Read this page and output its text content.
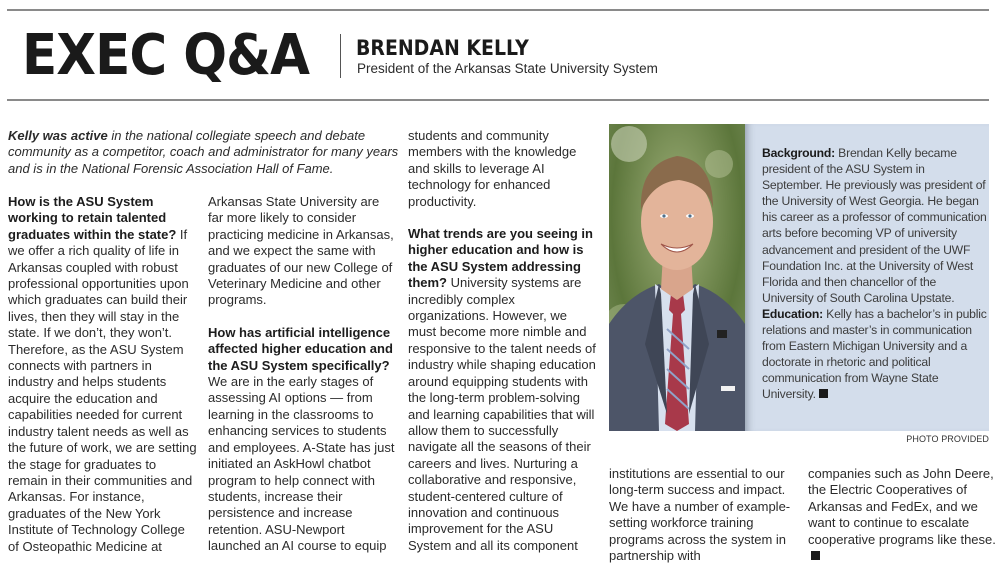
EXEC Q&A BRENDAN KELLY
President of the Arkansas State University System
Kelly was active in the national collegiate speech and debate community as a competitor, coach and administrator for many years and is in the National Forensic Association Hall of Fame.

How is the ASU System working to retain talented graduates within the state? If we offer a rich quality of life in Arkansas coupled with robust professional opportunities upon which graduates can build their lives, then they will stay in the state. If we don’t, they won’t. Therefore, as the ASU System connects with partners in industry and helps students acquire the education and capabilities needed for current industry talent needs as well as the future of work, we are setting the stage for graduates to remain in their communities and Arkansas. For instance, graduates of the New York Institute of Technology College of Osteopathic Medicine at

Arkansas State University are far more likely to consider practicing medicine in Arkansas, and we expect the same with graduates of our new College of Veterinary Medicine and other programs.

How has artificial intelligence affected higher education and the ASU System specifically? We are in the early stages of assessing AI options — from learning in the classrooms to enhancing services to students and employees. A-State has just initiated an AskHowl chatbot program to help connect with students, increase their persistence and increase retention. ASU-Newport launched an AI course to equip

students and community members with the knowledge and skills to leverage AI technology for enhanced productivity.

What trends are you seeing in higher education and how is the ASU System addressing them? University systems are incredibly complex organizations. However, we must become more nimble and responsive to the talent needs of industry while shaping education around equipping students with the long-term problem-solving and learning capabilities that will allow them to successfully navigate all the seasons of their careers and lives. Nurturing a collaborative and responsive, student-centered culture of innovation and continuous improvement for the ASU System and all its component

Background: Brendan Kelly became president of the ASU System in September. He previously was president of the University of West Georgia. He began his career as a professor of communication arts before becoming VP of university advancement and president of the UWF Foundation Inc. at the University of West Florida and then chancellor of the University of South Carolina Upstate.
Education: Kelly has a bachelor’s in public relations and master’s in communication from Eastern Michigan University and a doctorate in rhetoric and political communication from Wayne State University.
PHOTO PROVIDED

institutions are essential to our long-term success and impact. We have a number of example-setting workforce training programs across the system in partnership with

companies such as John Deere, the Electric Cooperatives of Arkansas and FedEx, and we want to continue to escalate cooperative programs like these.
